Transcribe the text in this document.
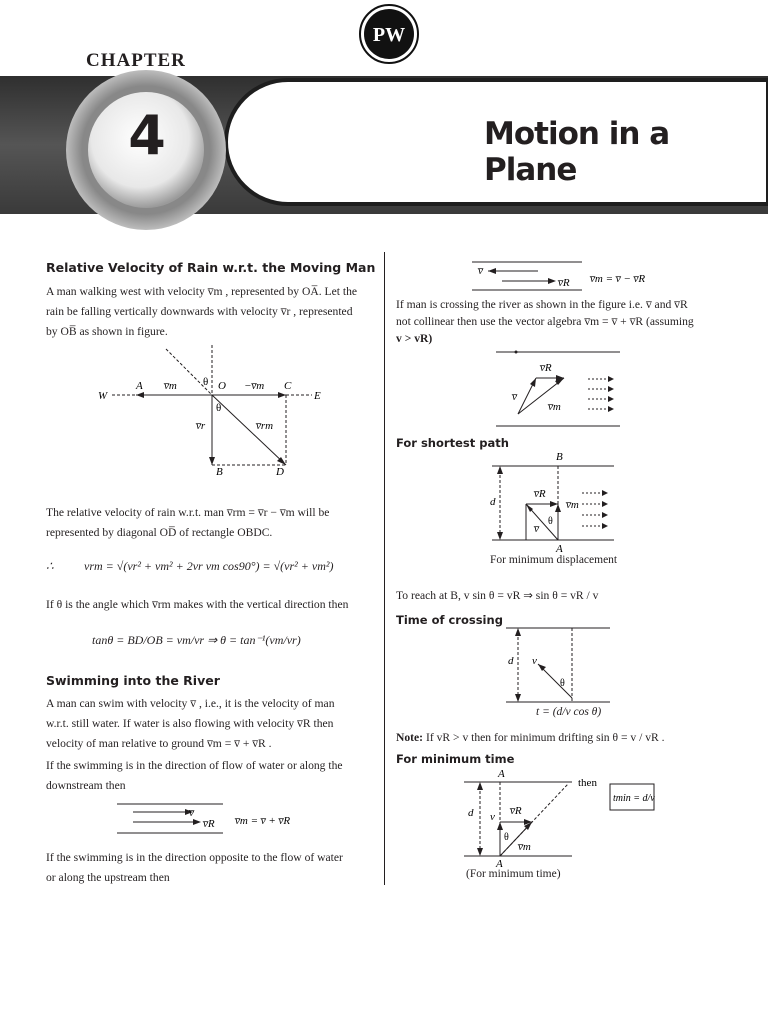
CHAPTER
4	Motion in a Plane
PW
Relative Velocity of Rain w.r.t. the Moving Man
A man walking west with velocity v̅m , represented by OA̅. Let the
rain be falling vertically downwards with velocity v̅r , represented
by OB̅ as shown in figure.
W
A v̅m θ O −v̅m C
E
θ
v̅r	v̅rm
B	D
The relative velocity of rain w.r.t. man v̅rm = v̅r − v̅m will be
represented by diagonal OD̅ of rectangle OBDC.
∴	vrm = √(vr² + vm² + 2vr vm cos90°) = √(vr² + vm²)
If θ is the angle which v̅rm makes with the vertical direction then
tanθ = BD/OB = vm/vr ⇒ θ = tan⁻¹(vm/vr)
Swimming into the River
A man can swim with velocity v̅ , i.e., it is the velocity of man
w.r.t. still water. If water is also flowing with velocity v̅R then
velocity of man relative to ground v̅m = v̅ + v̅R .
If the swimming is in the direction of flow of water or along the
downstream then
v̅
v̅R v̅m = v̅ + v̅R
If the swimming is in the direction opposite to the flow of water
or along the upstream then
v̅
v̅R v̅m = v̅ − v̅R
If man is crossing the river as shown in the figure i.e. v̅ and v̅R
not collinear then use the vector algebra v̅m = v̅ + v̅R (assuming
v > vR)
v̅R
v̅
v̅m
For shortest path
B
d
v̅R
v̅m
v̅
θ
A
For minimum displacement
To reach at B, v sin θ = vR ⇒ sin θ = vR / v
Time of crossing
d v
θ
t = (d/v cos θ)
Note: If vR > v then for minimum drifting sin θ = v / vR .
For minimum time
A
then
tmin = d/v
d v v̅R
θ
v̅m
A
(For minimum time)
